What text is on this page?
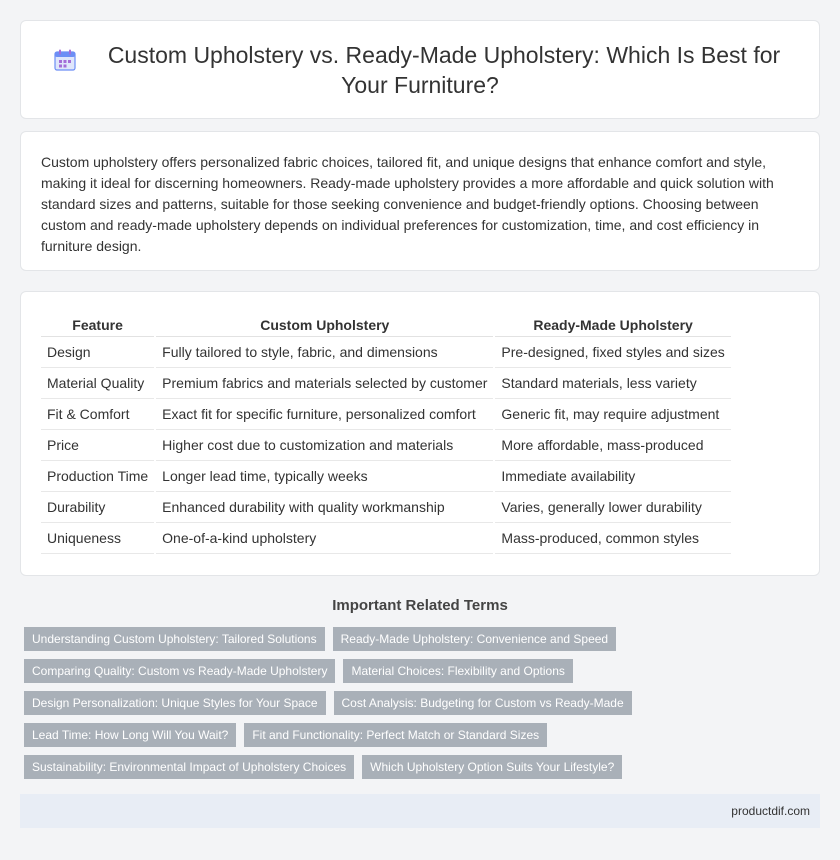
Custom Upholstery vs. Ready-Made Upholstery: Which Is Best for Your Furniture?

Custom upholstery offers personalized fabric choices, tailored fit, and unique designs that enhance comfort and style, making it ideal for discerning homeowners. Ready-made upholstery provides a more affordable and quick solution with standard sizes and patterns, suitable for those seeking convenience and budget-friendly options. Choosing between custom and ready-made upholstery depends on individual preferences for customization, time, and cost efficiency in furniture design.

Feature	Custom Upholstery	Ready-Made Upholstery
Design	Fully tailored to style, fabric, and dimensions	Pre-designed, fixed styles and sizes
Material Quality	Premium fabrics and materials selected by customer	Standard materials, less variety
Fit & Comfort	Exact fit for specific furniture, personalized comfort	Generic fit, may require adjustment
Price	Higher cost due to customization and materials	More affordable, mass-produced
Production Time	Longer lead time, typically weeks	Immediate availability
Durability	Enhanced durability with quality workmanship	Varies, generally lower durability
Uniqueness	One-of-a-kind upholstery	Mass-produced, common styles
Important Related Terms
Understanding Custom Upholstery: Tailored Solutions	Ready-Made Upholstery: Convenience and Speed
Comparing Quality: Custom vs Ready-Made Upholstery	Material Choices: Flexibility and Options
Design Personalization: Unique Styles for Your Space	Cost Analysis: Budgeting for Custom vs Ready-Made
Lead Time: How Long Will You Wait?	Fit and Functionality: Perfect Match or Standard Sizes
Sustainability: Environmental Impact of Upholstery Choices	Which Upholstery Option Suits Your Lifestyle?
productdif.com
